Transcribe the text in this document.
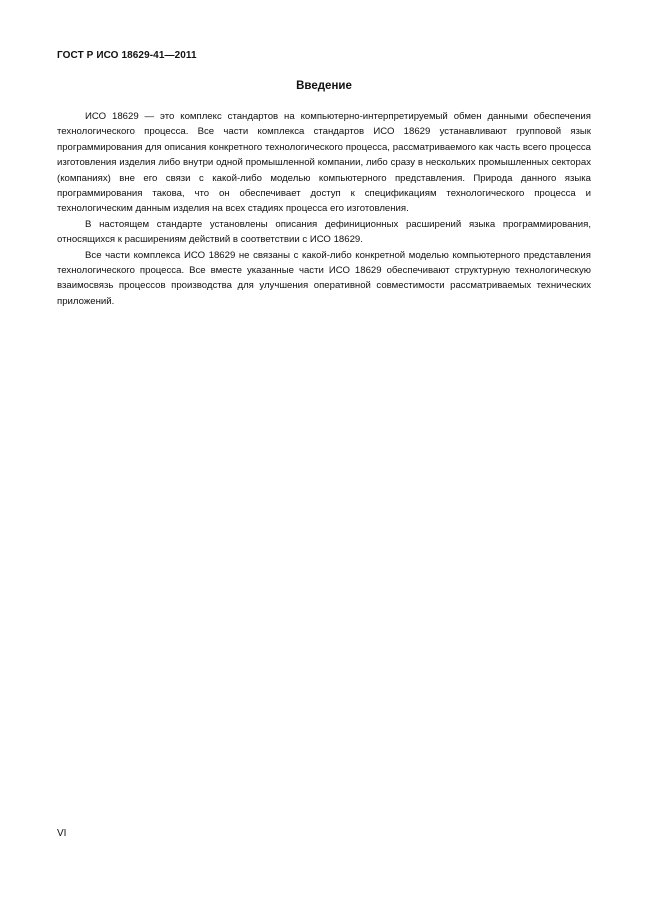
ГОСТ Р ИСО 18629-41—2011
Введение

ИСО 18629 — это комплекс стандартов на компьютерно-интерпретируемый обмен данными обеспечения технологического процесса. Все части комплекса стандартов ИСО 18629 устанавливают групповой язык программирования для описания конкретного технологического процесса, рассматриваемого как часть всего процесса изготовления изделия либо внутри одной промышленной компании, либо сразу в нескольких промышленных секторах (компаниях) вне его связи с какой-либо моделью компьютерного представления. Природа данного языка программирования такова, что он обеспечивает доступ к спецификациям технологического процесса и технологическим данным изделия на всех стадиях процесса его изготовления.

В настоящем стандарте установлены описания дефиниционных расширений языка программирования, относящихся к расширениям действий в соответствии с ИСО 18629.

Все части комплекса ИСО 18629 не связаны с какой-либо конкретной моделью компьютерного представления технологического процесса. Все вместе указанные части ИСО 18629 обеспечивают структурную технологическую взаимосвязь процессов производства для улучшения оперативной совместимости рассматриваемых технических приложений.

VI
